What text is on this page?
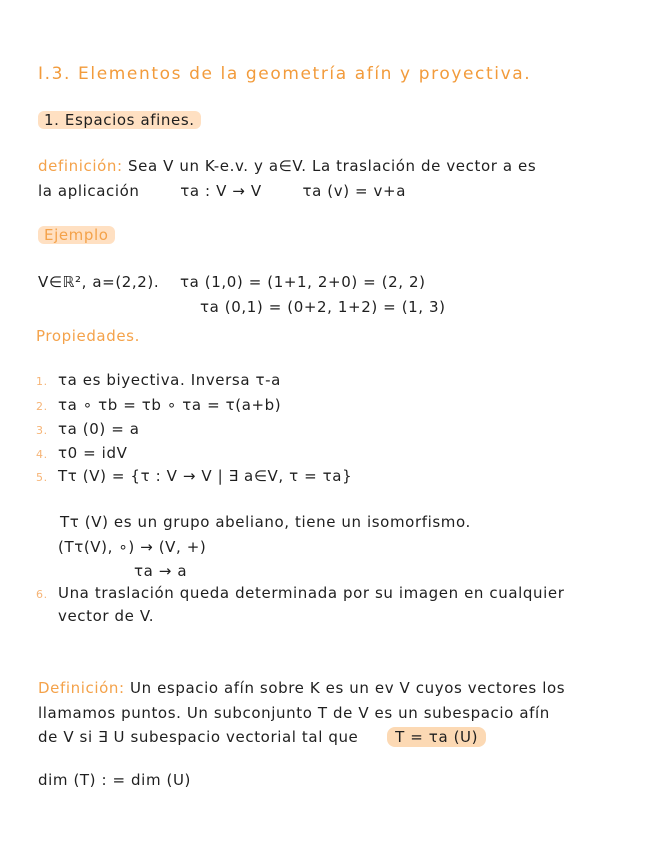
I.3. Elementos de la geometría afín y proyectiva.
1. Espacios afines.
definición: Sea V un K-e.v. y a∈V. La traslación de vector a es
la aplicación	τa : V → V	τa (v) = v+a
Ejemplo
V∈ℝ², a=(2,2). τa (1,0) = (1+1, 2+0) = (2, 2)
τa (0,1) = (0+2, 1+2) = (1, 3)
Propiedades.
1. τa es biyectiva. Inversa τ-a
2. τa ∘ τb = τb ∘ τa = τ(a+b)
3. τa (0) = a
4. τ0 = idV
5. Tτ (V) = {τ : V → V | ∃ a∈V, τ = τa}
Tτ (V) es un grupo abeliano, tiene un isomorfismo.
(Tτ(V), ∘) → (V, +)
τa → a
6. Una traslación queda determinada por su imagen en cualquier
vector de V.
Definición: Un espacio afín sobre K es un ev V cuyos vectores los
llamamos puntos. Un subconjunto T de V es un subespacio afín
de V si ∃ U subespacio vectorial tal que T = τa (U)
dim (T) : = dim (U)
